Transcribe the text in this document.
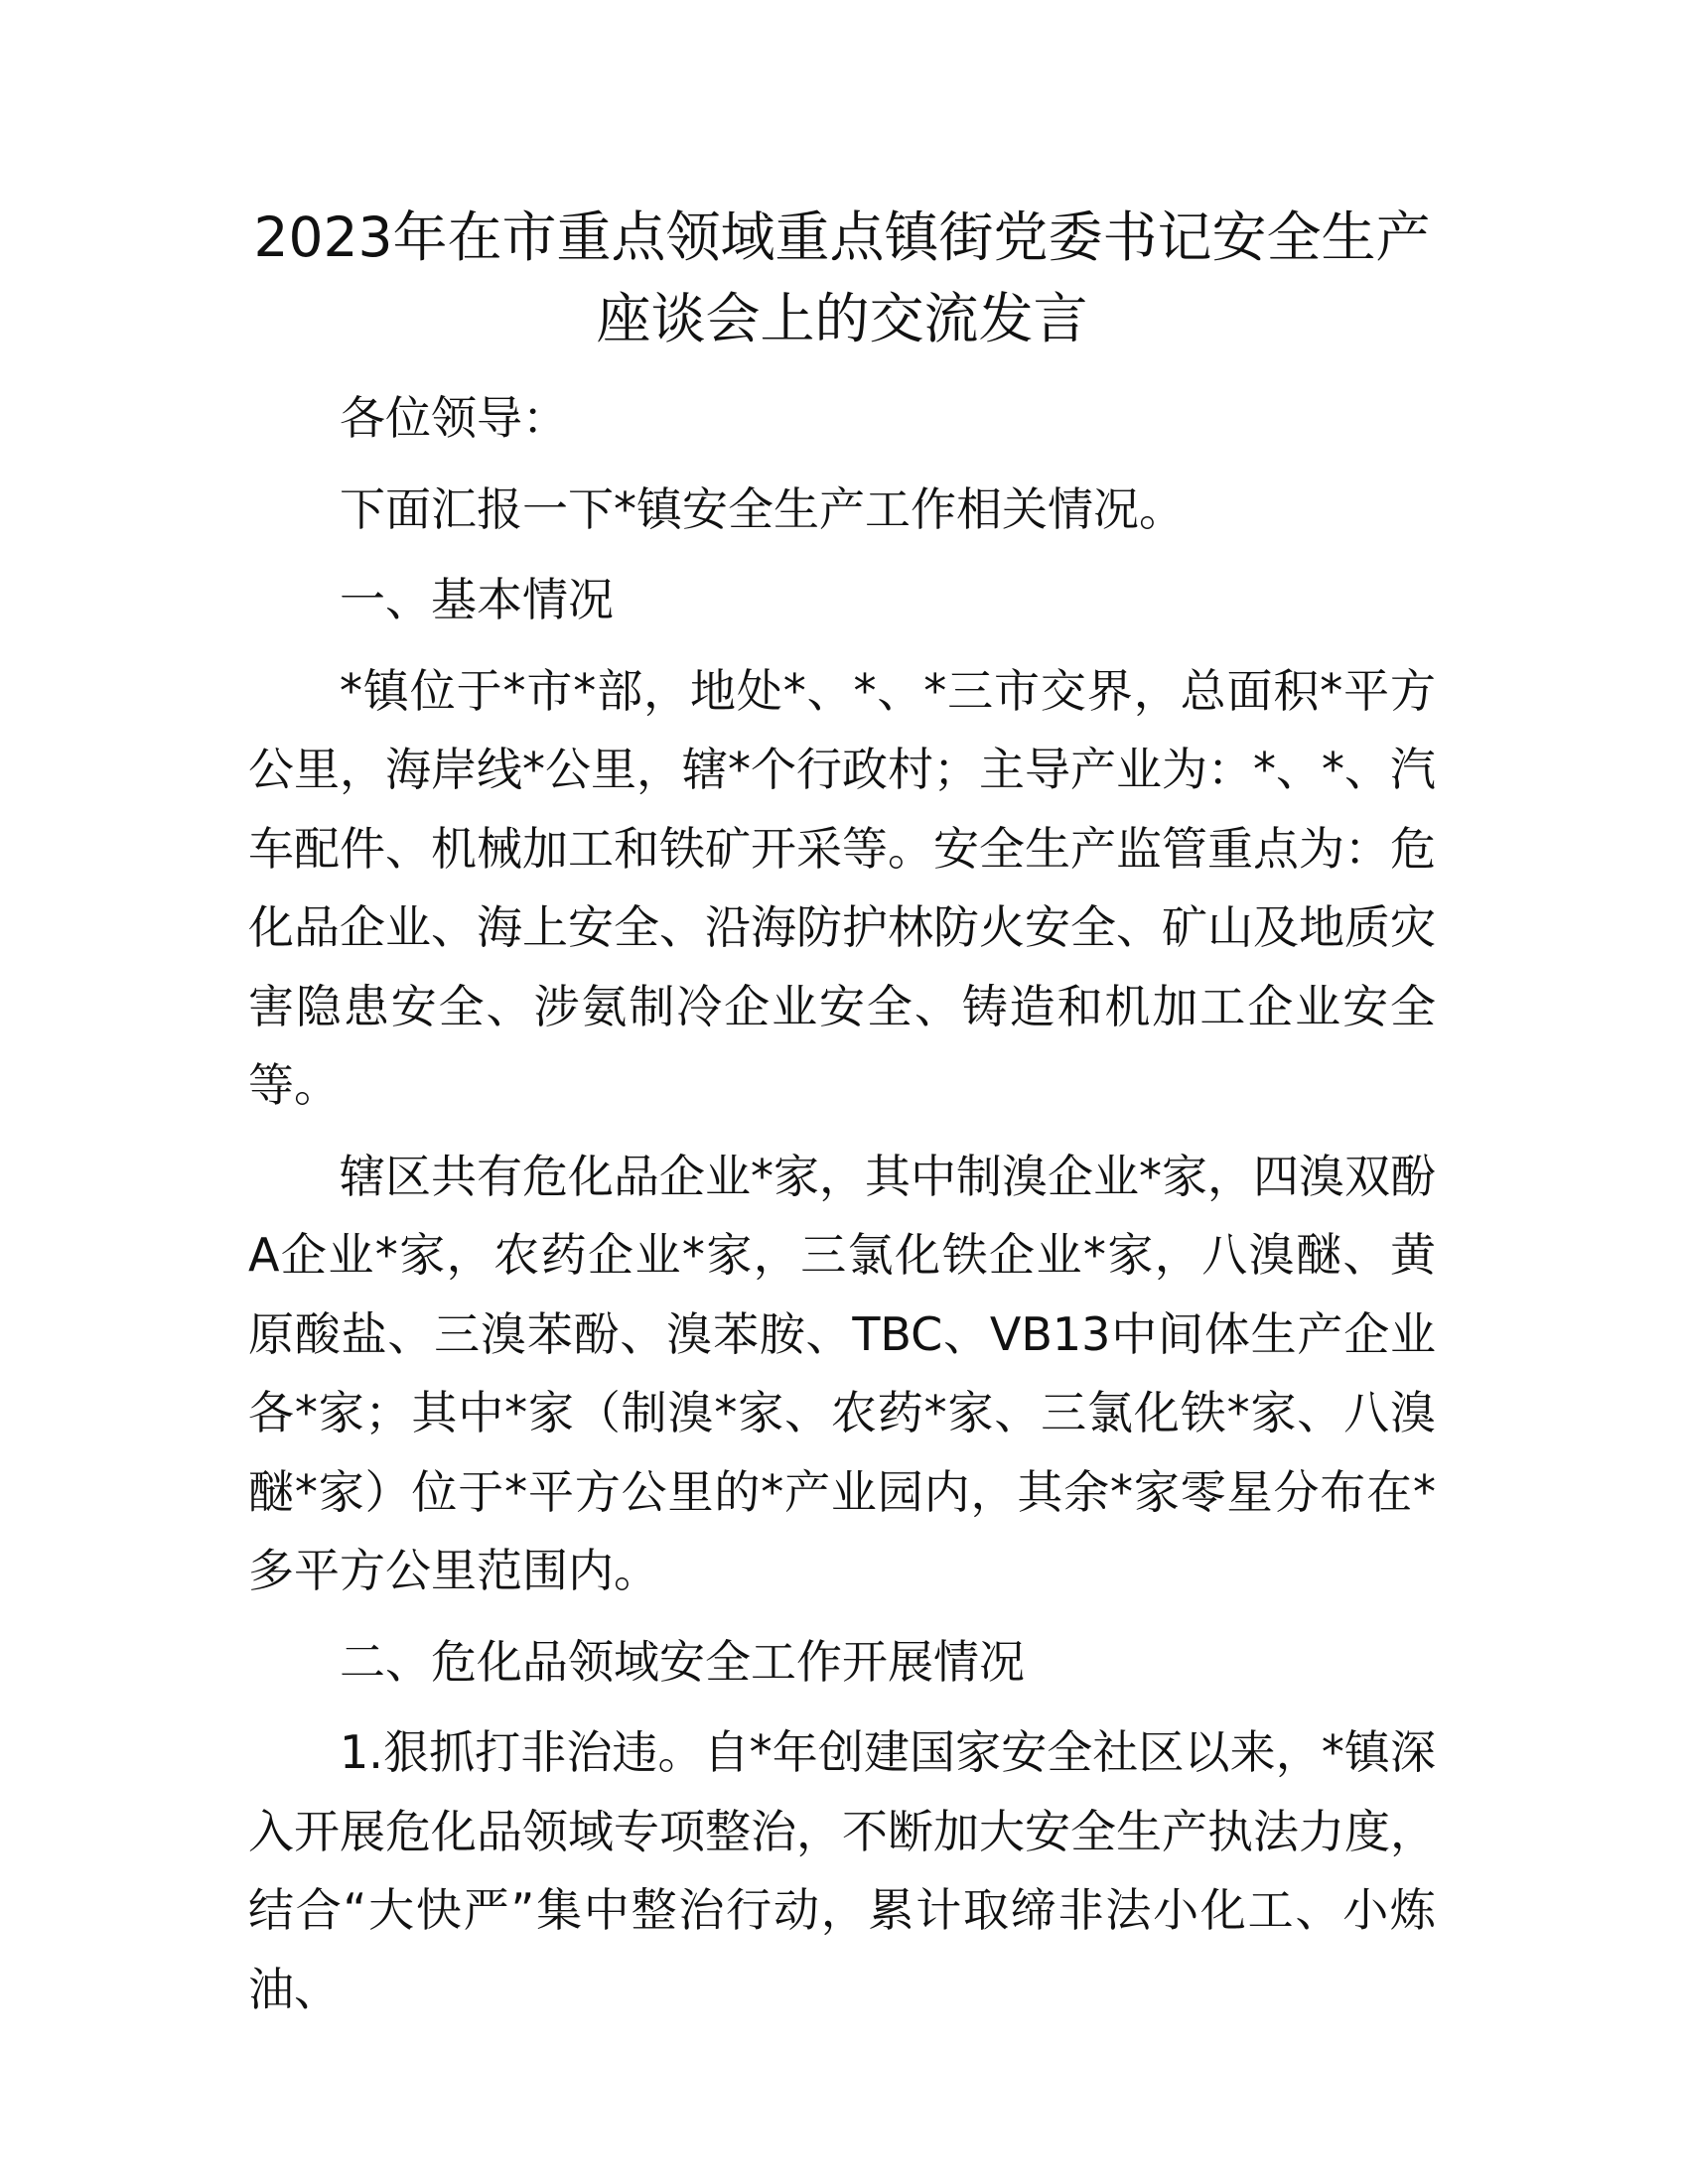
2023年在市重点领域重点镇街党委书记安全生产座谈会上的交流发言

各位领导：

下面汇报一下*镇安全生产工作相关情况。

一、基本情况

*镇位于*市*部，地处*、*、*三市交界，总面积*平方公里，海岸线*公里，辖*个行政村；主导产业为：*、*、汽车配件、机械加工和铁矿开采等。安全生产监管重点为：危化品企业、海上安全、沿海防护林防火安全、矿山及地质灾害隐患安全、涉氨制冷企业安全、铸造和机加工企业安全等。

辖区共有危化品企业*家，其中制溴企业*家，四溴双酚A企业*家，农药企业*家，三氯化铁企业*家，八溴醚、黄原酸盐、三溴苯酚、溴苯胺、TBC、VB13中间体生产企业各*家；其中*家（制溴*家、农药*家、三氯化铁*家、八溴醚*家）位于*平方公里的*产业园内，其余*家零星分布在*多平方公里范围内。

二、危化品领域安全工作开展情况

1.狠抓打非治违。自*年创建国家安全社区以来，*镇深入开展危化品领域专项整治，不断加大安全生产执法力度，结合“大快严”集中整治行动，累计取缔非法小化工、小炼油、
